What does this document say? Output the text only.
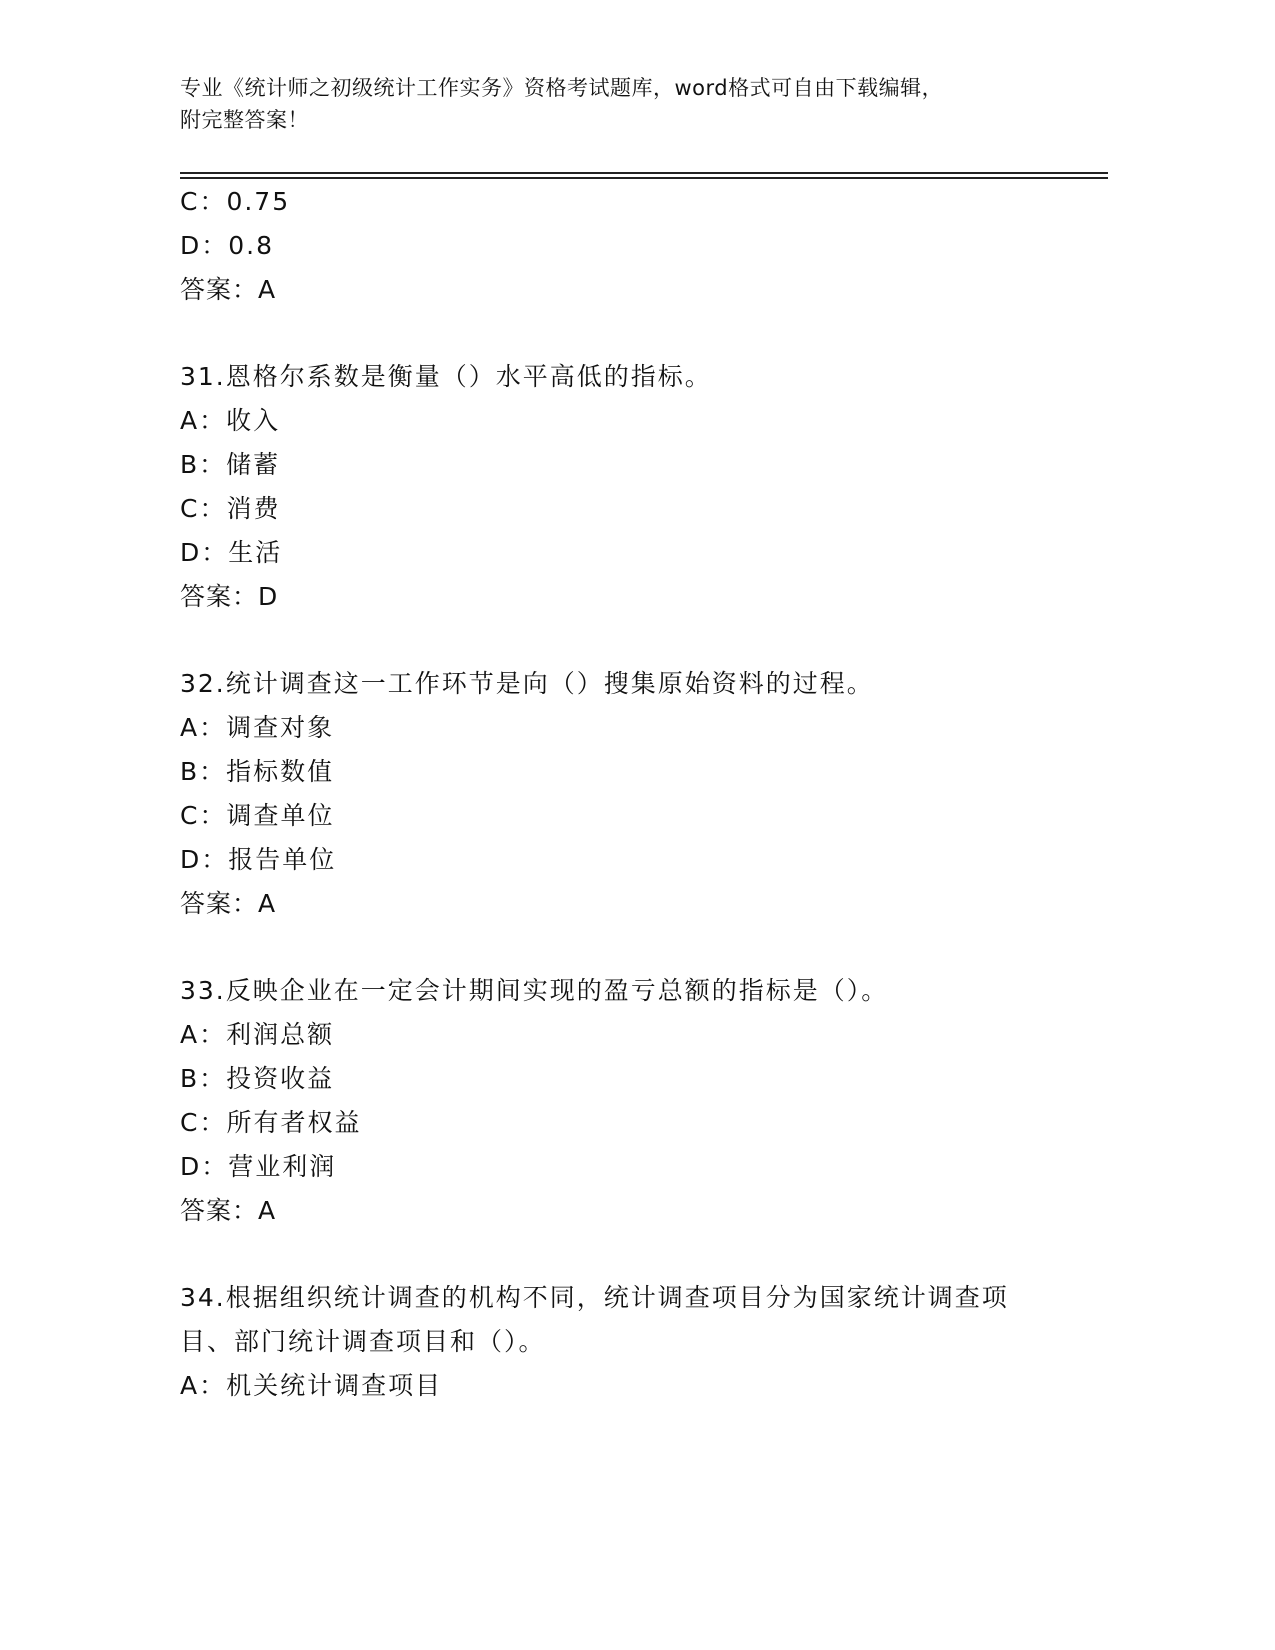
专业《统计师之初级统计工作实务》资格考试题库，word格式可自由下载编辑，
附完整答案！
C：0.75
D：0.8
答案：A
31.恩格尔系数是衡量（）水平高低的指标。
A：收入
B：储蓄
C：消费
D：生活
答案：D
32.统计调查这一工作环节是向（）搜集原始资料的过程。
A：调查对象
B：指标数值
C：调查单位
D：报告单位
答案：A
33.反映企业在一定会计期间实现的盈亏总额的指标是（）。
A：利润总额
B：投资收益
C：所有者权益
D：营业利润
答案：A
34.根据组织统计调查的机构不同，统计调查项目分为国家统计调查项
目、部门统计调查项目和（）。
A：机关统计调查项目
